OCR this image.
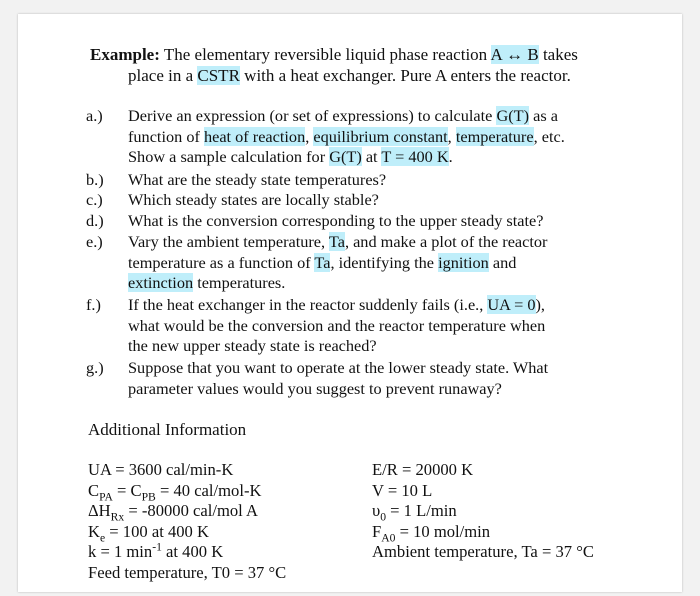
Example: The elementary reversible liquid phase reaction A ↔ B takes
place in a CSTR with a heat exchanger. Pure A enters the reactor.
a.) Derive an expression (or set of expressions) to calculate G(T) as a
function of heat of reaction, equilibrium constant, temperature, etc.
Show a sample calculation for G(T) at T = 400 K.
b.) What are the steady state temperatures?
c.) Which steady states are locally stable?
d.) What is the conversion corresponding to the upper steady state?
e.) Vary the ambient temperature, Ta, and make a plot of the reactor
temperature as a function of Ta, identifying the ignition and
extinction temperatures.
f.) If the heat exchanger in the reactor suddenly fails (i.e., UA = 0),
what would be the conversion and the reactor temperature when
the new upper steady state is reached?
g.) Suppose that you want to operate at the lower steady state. What
parameter values would you suggest to prevent runaway?
Additional Information
UA = 3600 cal/min-K
$C_{PA} = C_{PB} = 40$ cal/mol-K
$\Delta H_{Rx} = -80000$ cal/mol A
$K_e = 100$ at 400 K
k = 1 $\min^{-1}$ at 400 K
Feed temperature, T0 = 37 °C
E/R = 20000 K
V = 10 L
$\upsilon_0 = 1$ L/min
$F_{A0} = 10$ mol/min
Ambient temperature, Ta = 37 °C
